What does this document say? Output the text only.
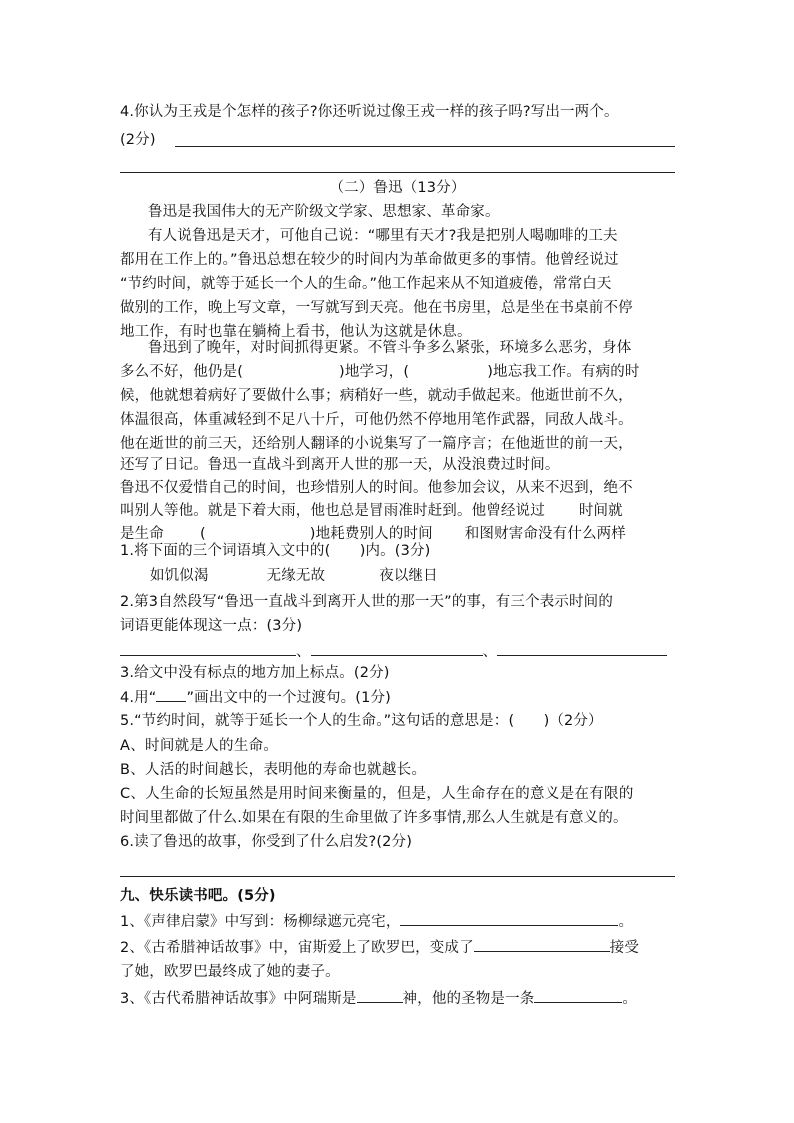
4.你认为王戎是个怎样的孩子?你还听说过像王戎一样的孩子吗?写出一两个。
(2分)
（二）鲁迅（13分）
鲁迅是我国伟大的无产阶级文学家、思想家、革命家。
有人说鲁迅是天才，可他自己说：“哪里有天才?我是把别人喝咖啡的工夫
都用在工作上的。”鲁迅总想在较少的时间内为革命做更多的事情。他曾经说过
“节约时间，就等于延长一个人的生命。”他工作起来从不知道疲倦，常常白天
做别的工作，晚上写文章，一写就写到天亮。他在书房里，总是坐在书桌前不停
地工作，有时也靠在躺椅上看书，他认为这就是休息。
鲁迅到了晚年，对时间抓得更紧。不管斗争多么紧张，环境多么恶劣，身体
多么不好，他仍是(	)地学习，(	)地忘我工作。有病的时
候，他就想着病好了要做什么事；病稍好一些，就动手做起来。他逝世前不久，
体温很高，体重减轻到不足八十斤，可他仍然不停地用笔作武器，同敌人战斗。
他在逝世的前三天，还给别人翻译的小说集写了一篇序言；在他逝世的前一天，
还写了日记。鲁迅一直战斗到离开人世的那一天，从没浪费过时间。
鲁迅不仅爱惜自己的时间，也珍惜别人的时间。他参加会议，从来不迟到，绝不
叫别人等他。就是下着大雨，他也总是冒雨准时赶到。他曾经说过 时间就
是生命 (	)地耗费别人的时间 和图财害命没有什么两样
1.将下面的三个词语填入文中的(　　)内。(3分)
如饥似渴	无缘无故	夜以继日
2.第3自然段写“鲁迅一直战斗到离开人世的那一天”的事，有三个表示时间的
词语更能体现这一点：(3分)
、	、
3.给文中没有标点的地方加上标点。(2分)
4.用“ ”画出文中的一个过渡句。(1分)
5.“节约时间，就等于延长一个人的生命。”这句话的意思是：(　　)（2分）
A、时间就是人的生命。
B、人活的时间越长，表明他的寿命也就越长。
C、人生命的长短虽然是用时间来衡量的，但是，人生命存在的意义是在有限的
时间里都做了什么.如果在有限的生命里做了许多事情,那么人生就是有意义的。
6.读了鲁迅的故事，你受到了什么启发?(2分)
九、快乐读书吧。(5分)
1、《声律启蒙》中写到：杨柳绿遮元亮宅，	。
2、《古希腊神话故事》中，宙斯爱上了欧罗巴，变成了	接受
了她，欧罗巴最终成了她的妻子。
3、《古代希腊神话故事》中阿瑞斯是	神，他的圣物是一条	。
